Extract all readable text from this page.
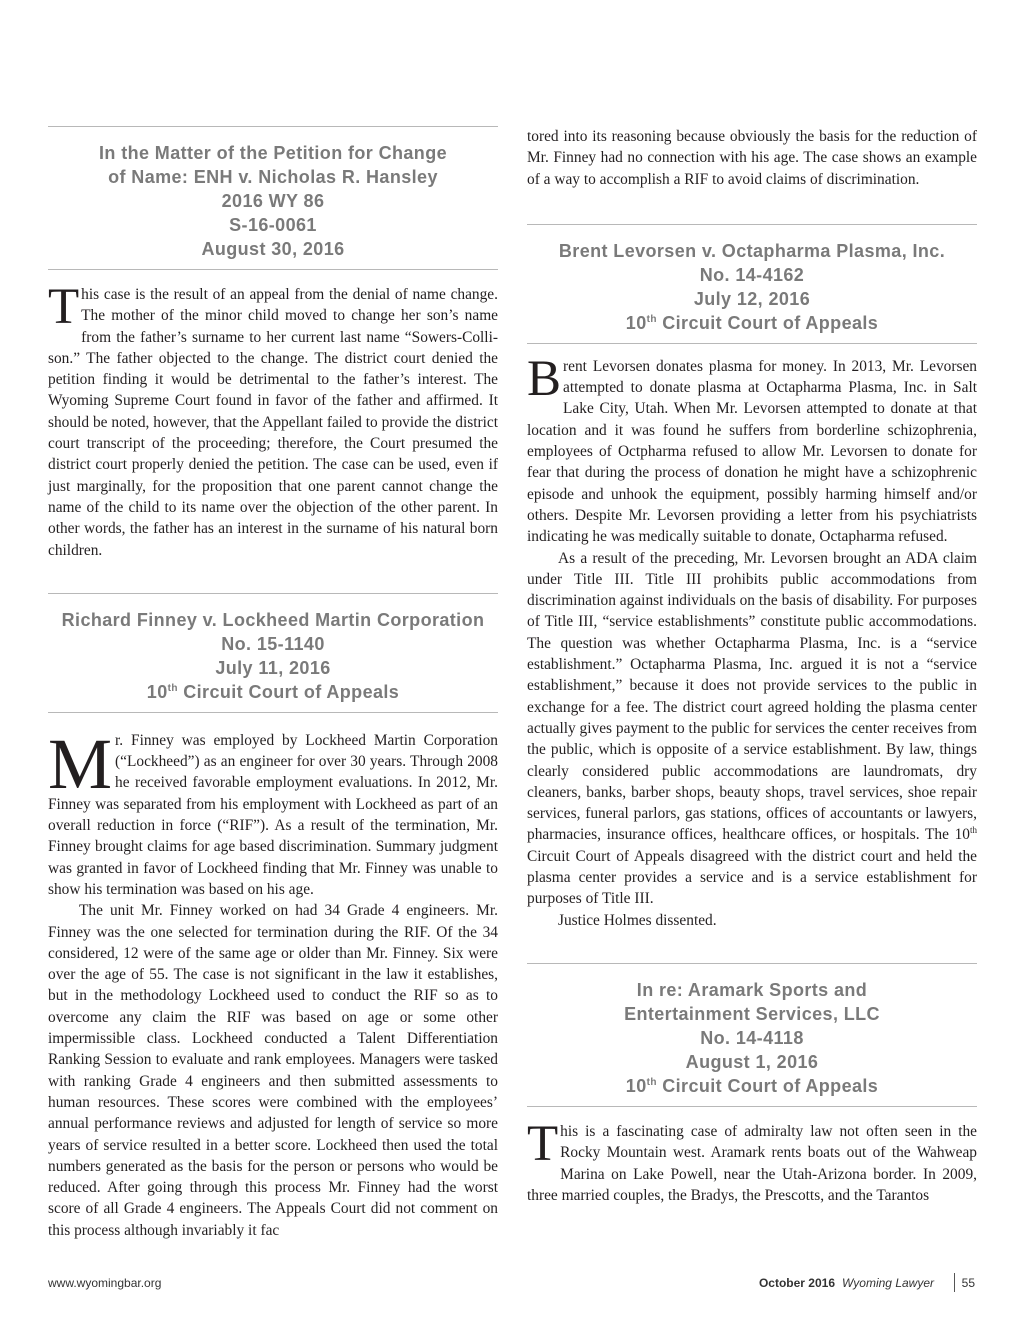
In the Matter of the Petition for Change
of Name: ENH v. Nicholas R. Hansley
2016 WY 86
S-16-0061
August 30, 2016

This case is the result of an appeal from the denial of name change. The mother of the minor child moved to change her son’s name from the father’s surname to her current last name “Sowers-Collison.” The father objected to the change. The district court denied the petition finding it would be detrimental to the father’s interest. The Wyoming Supreme Court found in favor of the father and affirmed. It should be noted, however, that the Appellant failed to provide the district court transcript of the proceeding; therefore, the Court presumed the district court properly denied the petition. The case can be used, even if just marginally, for the proposition that one parent cannot change the name of the child to its name over the objection of the other parent. In other words, the father has an interest in the surname of his natural born children.

Richard Finney v. Lockheed Martin Corporation
No. 15-1140
July 11, 2016
10th Circuit Court of Appeals

Mr. Finney was employed by Lockheed Martin Corporation (“Lockheed”) as an engineer for over 30 years. Through 2008 he received favorable employment evaluations. In 2012, Mr. Finney was separated from his employment with Lockheed as part of an overall reduction in force (“RIF”). As a result of the termination, Mr. Finney brought claims for age based discrimination. Summary judgment was granted in favor of Lockheed finding that Mr. Finney was unable to show his termination was based on his age.

The unit Mr. Finney worked on had 34 Grade 4 engineers. Mr. Finney was the one selected for termination during the RIF. Of the 34 considered, 12 were of the same age or older than Mr. Finney. Six were over the age of 55. The case is not significant in the law it establishes, but in the methodology Lockheed used to conduct the RIF so as to overcome any claim the RIF was based on age or some other impermissible class. Lockheed conducted a Talent Differentiation Ranking Session to evaluate and rank employees. Managers were tasked with ranking Grade 4 engineers and then submitted assessments to human resources. These scores were combined with the employees’ annual performance reviews and adjusted for length of service so more years of service resulted in a better score. Lockheed then used the total numbers generated as the basis for the person or persons who would be reduced. After going through this process Mr. Finney had the worst score of all Grade 4 engineers. The Appeals Court did not comment on this process although invariably it fac

tored into its reasoning because obviously the basis for the reduction of Mr. Finney had no connection with his age. The case shows an example of a way to accomplish a RIF to avoid claims of discrimination.

Brent Levorsen v. Octapharma Plasma, Inc.
No. 14-4162
July 12, 2016
10th Circuit Court of Appeals

Brent Levorsen donates plasma for money. In 2013, Mr. Levorsen attempted to donate plasma at Octapharma Plasma, Inc. in Salt Lake City, Utah. When Mr. Levorsen attempted to donate at that location and it was found he suffers from borderline schizophrenia, employees of Octpharma refused to allow Mr. Levorsen to donate for fear that during the process of donation he might have a schizophrenic episode and unhook the equipment, possibly harming himself and/or others. Despite Mr. Levorsen providing a letter from his psychiatrists indicating he was medically suitable to donate, Octapharma refused.

As a result of the preceding, Mr. Levorsen brought an ADA claim under Title III. Title III prohibits public accommodations from discrimination against individuals on the basis of disability. For purposes of Title III, “service establishments” constitute public accommodations. The question was whether Octapharma Plasma, Inc. is a “service establishment.” Octapharma Plasma, Inc. argued it is not a “service establishment,” because it does not provide services to the public in exchange for a fee. The district court agreed holding the plasma center actually gives payment to the public for services the center receives from the public, which is opposite of a service establishment. By law, things clearly considered public accommodations are laundromats, dry cleaners, banks, barber shops, beauty shops, travel services, shoe repair services, funeral parlors, gas stations, offices of accountants or lawyers, pharmacies, insurance offices, healthcare offices, or hospitals. The 10th Circuit Court of Appeals disagreed with the district court and held the plasma center provides a service and is a service establishment for purposes of Title III.

Justice Holmes dissented.

In re: Aramark Sports and
Entertainment Services, LLC
No. 14-4118
August 1, 2016
10th Circuit Court of Appeals

This is a fascinating case of admiralty law not often seen in the Rocky Mountain west. Aramark rents boats out of the Wahweap Marina on Lake Powell, near the Utah-Arizona border. In 2009, three married couples, the Bradys, the Prescotts, and the Tarantos

www.wyomingbar.org	October 2016 Wyoming Lawyer 55
